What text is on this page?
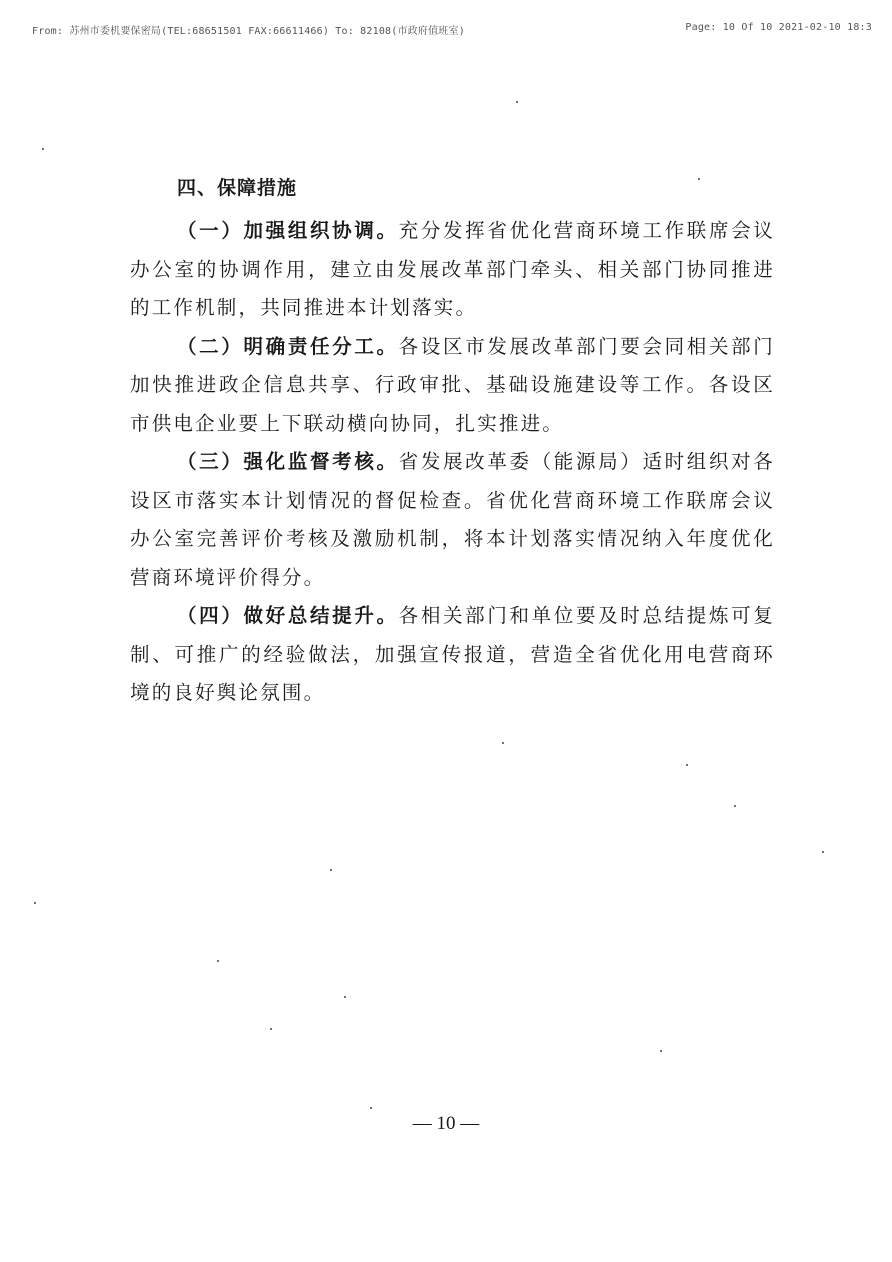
From: 苏州市委机要保密局(TEL:68651501 FAX:66611466) To: 82108(市政府值班室)	Page: 10 Of 10 2021-02-10 18:3
四、保障措施

（一）加强组织协调。充分发挥省优化营商环境工作联席会议办公室的协调作用，建立由发展改革部门牵头、相关部门协同推进的工作机制，共同推进本计划落实。

（二）明确责任分工。各设区市发展改革部门要会同相关部门加快推进政企信息共享、行政审批、基础设施建设等工作。各设区市供电企业要上下联动横向协同，扎实推进。

（三）强化监督考核。省发展改革委（能源局）适时组织对各设区市落实本计划情况的督促检查。省优化营商环境工作联席会议办公室完善评价考核及激励机制，将本计划落实情况纳入年度优化营商环境评价得分。

（四）做好总结提升。各相关部门和单位要及时总结提炼可复制、可推广的经验做法，加强宣传报道，营造全省优化用电营商环境的良好舆论氛围。

— 10 —
